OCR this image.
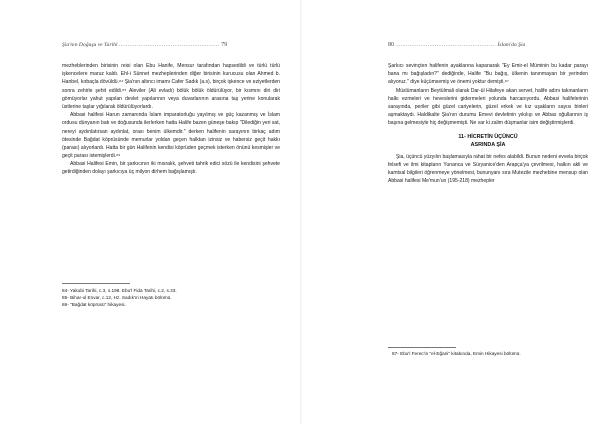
Şia'nın Doğuşu ve Tarihi ........................................................ 79

mezheblerinden birisinin reisi olan Ebu Hanife, Mensur tarafından hapsedildi ve türlü türlü işkencelere maruz kaldı. Ehl-i Sünnet mezheplerinden diğer birisinin kurucusu olan Ahmed b. Hanbel, kırbaçla dövüldü.⁸⁴ Şia'nın altıncı imamı Cafer Sadık (a.s), birçok işkence ve eziyetlerden sonra zehirle şehit edildi.⁸⁵ Aleviler (Ali evladı) bölük bölük öldürülüyor, bir kısmını diri diri gömüyorlar yahut yapılan devlet yapılarının veya duvarlarının arasına taş yerine konularak üstlerine taşlar yığılarak öldürülüyorlardı.

Abbasi halifesi Harun zamanında İslam imparatorluğu yayılmış ve güç kazanmış ve İslam ordusu dünyanın batı ve doğusunda ilerlerken hatta Halife bazen güneşe bakıp "Dilediğin yeri sat, nereyi aydınlatırsan aydınlat, orası benim ülkemdir." derken halifenin sarayının birkaç adım ötesinde Bağdat köprüsünde memurlar yoldan geçen halktan izinsiz ve habersiz geçit hakkı (parası) alıyorlardı. Hatta bir gün Halifenin kendisi köprüden geçmek isterken önünü kesmişler ve geçit parası istemişlerdi.⁸⁶

Abbasi Halifesi Emin, bir şarkıcının iki mısralık, şehveti tahrik edici sözü ile kendisini şehvete getirdiğinden dolayı şarkıcıya üç milyon dirhem bağışlamıştı.

84- Yakubi Tarihi, c.3, s.198. Ebu'l Fida Tarihi, c.2, s.33.

85- Bihar-ul Envar, c.12, Hz. Sadık'ın Hayatı bölümü.

86- "Bağdat köprüsü" hikayesi.

80 ........................................................ İslam'da Şia

Şarkıcı sevinçten halifenin ayaklarına kapanarak "Ey Emir-el Müminin bu kadar parayı bana mı bağışladın?" dediğinde, Halife "Bu bağış, ülkenin tanınmayan bir yerinden alıyoruz." diye küçümsemiş ve önemi yoktur demişti.⁸⁷

Müslümanların Beytülmali olarak Dar-ül Hilafeye akan servet, halife adını takınanların halkı ezmeleri ve heveslerini gidermeleri yolunda harcanıyordu. Abbasi halifelerinin sarayında, periler gibi güzel cariyelerin, güzel erkek ve kız uşakların sayısı binleri aşmaktaydı. Haldikalte Şia'nın durumu Emevi devletinin yıkılışı ve Abbas oğullarının iş başına gelmesiyle hiç değişmemişti. Ne var ki zalim düşmanlar isim değiştirmişlerdi.

11- HİCRETİN ÜÇÜNCÜ
ASRINDA ŞİA

Şia, üçüncü yüzyılın başlamasıyla rahat bir nefes alabildi. Bunun nedeni evvela birçok felsefi ve ilmi kitapların Yunanca ve Süryanice'den Arapça'ya çevrilmesi, halkın akli ve kamtsal bilgileri öğrenmeye yönelmesi, bununyanı sıra Mutezile mezhebine mensup olan Abbasi halifesi Me'mun'un (195-218) mezhepler

87- Ebu'l Ferec'in "el-Eğani" kitabında, Emin Hikayesi bölümü.
